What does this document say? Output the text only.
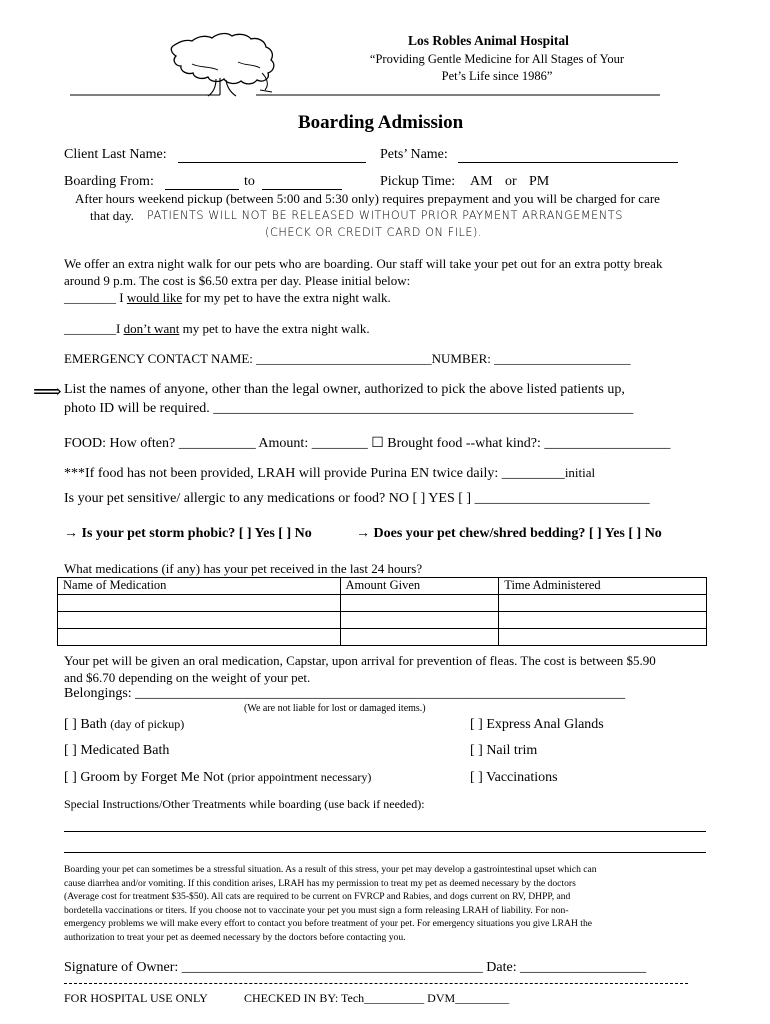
Los Robles Animal Hospital
“Providing Gentle Medicine for All Stages of Your
Pet’s Life since 1986”
Boarding Admission
Client Last Name:	Pets’ Name:
Boarding From:	to	Pickup Time: AM or PM
After hours weekend pickup (between 5:00 and 5:30 only) requires prepayment and you will be charged for care
that day. PATIENTS WILL NOT BE RELEASED WITHOUT PRIOR PAYMENT ARRANGEMENTS
(CHECK OR CREDIT CARD ON FILE).
We offer an extra night walk for our pets who are boarding. Our staff will take your pet out for an extra potty break
around 9 p.m. The cost is $6.50 extra per day. Please initial below:
________ I would like for my pet to have the extra night walk.
________I don’t want my pet to have the extra night walk.
EMERGENCY CONTACT NAME: ___________________________NUMBER: _____________________
⟹ List the names of anyone, other than the legal owner, authorized to pick the above listed patients up,
photo ID will be required. ____________________________________________________________
FOOD: How often? ___________ Amount: ________ ☐ Brought food --what kind?: __________________
***If food has not been provided, LRAH will provide Purina EN twice daily: _________initial
Is your pet sensitive/ allergic to any medications or food? NO [ ] YES [ ] _________________________
→ Is your pet storm phobic? [ ] Yes [ ] No	→ Does your pet chew/shred bedding? [ ] Yes [ ] No
What medications (if any) has your pet received in the last 24 hours?
Name of Medication	Amount Given	Time Administered

Your pet will be given an oral medication, Capstar, upon arrival for prevention of fleas. The cost is between $5.90
and $6.70 depending on the weight of your pet.
Belongings: ______________________________________________________________________
(We are not liable for lost or damaged items.)
[ ] Bath (day of pickup)	[ ] Express Anal Glands
[ ] Medicated Bath	[ ] Nail trim
[ ] Groom by Forget Me Not (prior appointment necessary)	[ ] Vaccinations
Special Instructions/Other Treatments while boarding (use back if needed):
Boarding your pet can sometimes be a stressful situation. As a result of this stress, your pet may develop a gastrointestinal upset which can
cause diarrhea and/or vomiting. If this condition arises, LRAH has my permission to treat my pet as deemed necessary by the doctors
(Average cost for treatment $35-$50). All cats are required to be current on FVRCP and Rabies, and dogs current on RV, DHPP, and
bordetella vaccinations or titers. If you choose not to vaccinate your pet you must sign a form releasing LRAH of liability. For non-
emergency problems we will make every effort to contact you before treatment of your pet. For emergency situations you give LRAH the
authorization to treat your pet as deemed necessary by the doctors before contacting you.
Signature of Owner: ___________________________________________ Date: __________________
FOR HOSPITAL USE ONLY	CHECKED IN BY: Tech__________ DVM_________
